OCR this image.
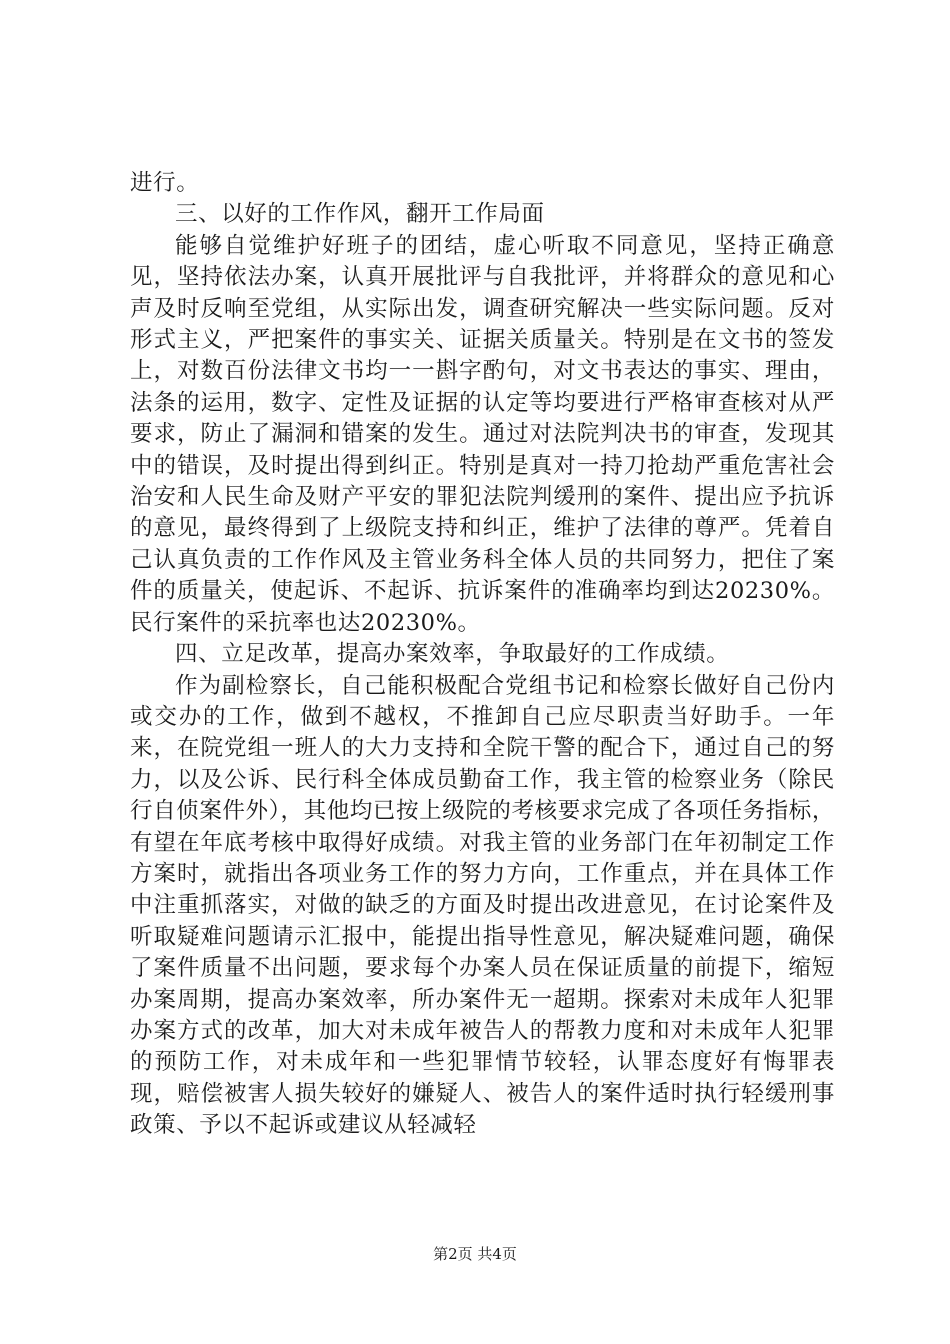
进行。

三、以好的工作作风，翻开工作局面

能够自觉维护好班子的团结，虚心听取不同意见，坚持正确意见，坚持依法办案，认真开展批评与自我批评，并将群众的意见和心声及时反响至党组，从实际出发，调查研究解决一些实际问题。反对形式主义，严把案件的事实关、证据关质量关。特别是在文书的签发上，对数百份法律文书均一一斟字酌句，对文书表达的事实、理由，法条的运用，数字、定性及证据的认定等均要进行严格审查核对从严要求，防止了漏洞和错案的发生。通过对法院判决书的审查，发现其中的错误，及时提出得到纠正。特别是真对一持刀抢劫严重危害社会治安和人民生命及财产平安的罪犯法院判缓刑的案件、提出应予抗诉的意见，最终得到了上级院支持和纠正，维护了法律的尊严。凭着自己认真负责的工作作风及主管业务科全体人员的共同努力，把住了案件的质量关，使起诉、不起诉、抗诉案件的准确率均到达20230%。民行案件的采抗率也达20230%。

四、立足改革，提高办案效率，争取最好的工作成绩。

作为副检察长，自己能积极配合党组书记和检察长做好自己份内或交办的工作，做到不越权，不推卸自己应尽职责当好助手。一年来，在院党组一班人的大力支持和全院干警的配合下，通过自己的努力，以及公诉、民行科全体成员勤奋工作，我主管的检察业务（除民行自侦案件外），其他均已按上级院的考核要求完成了各项任务指标，有望在年底考核中取得好成绩。对我主管的业务部门在年初制定工作方案时，就指出各项业务工作的努力方向，工作重点，并在具体工作中注重抓落实，对做的缺乏的方面及时提出改进意见，在讨论案件及听取疑难问题请示汇报中，能提出指导性意见，解决疑难问题，确保了案件质量不出问题，要求每个办案人员在保证质量的前提下，缩短办案周期，提高办案效率，所办案件无一超期。探索对未成年人犯罪办案方式的改革，加大对未成年被告人的帮教力度和对未成年人犯罪的预防工作，对未成年和一些犯罪情节较轻，认罪态度好有悔罪表现，赔偿被害人损失较好的嫌疑人、被告人的案件适时执行轻缓刑事政策、予以不起诉或建议从轻减轻

第2页 共4页
